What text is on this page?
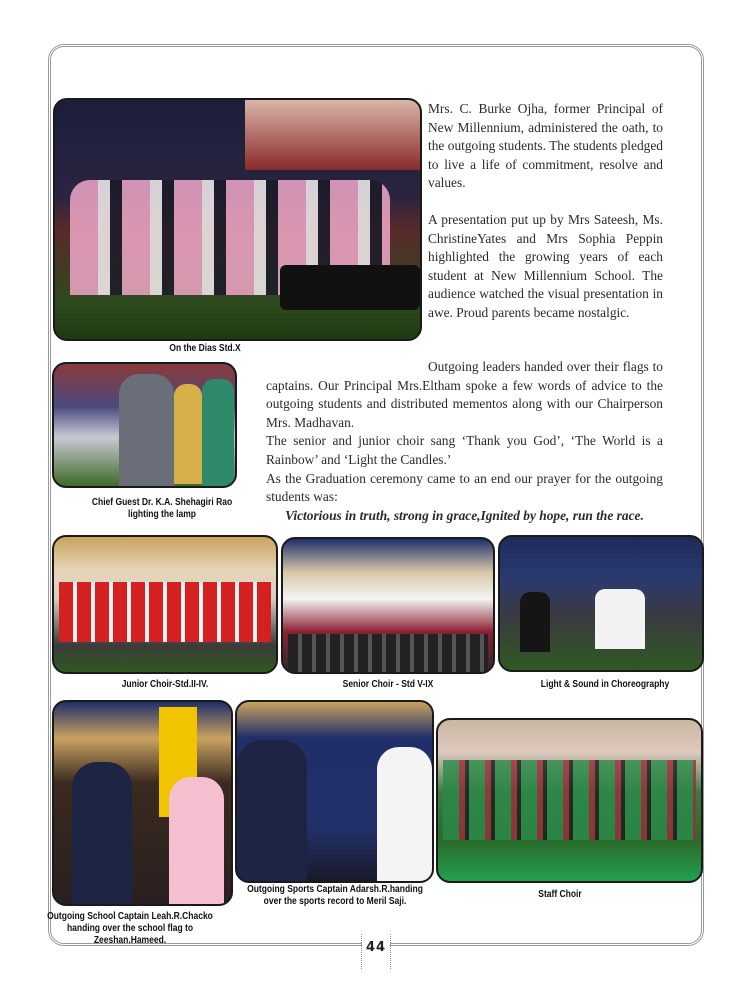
On the Dias Std.X
Chief Guest Dr. K.A. Shehagiri Rao
lighting the lamp

Mrs. C. Burke Ojha, former Principal of New Millennium, administered the oath, to the outgoing students. The students pledged to live a life of commitment, resolve and values.

A presentation put up by Mrs Sateesh, Ms. ChristineYates and Mrs Sophia Peppin highlighted the growing years of each student at New Millennium School. The audience watched the visual presentation in awe. Proud parents became nostalgic.

Outgoing leaders handed over their flags to captains. Our Principal Mrs.Eltham spoke a few words of advice to the outgoing students and distributed mementos along with our Chairperson Mrs. Madhavan.

The senior and junior choir sang ‘Thank you God’, ‘The World is a Rainbow’ and ‘Light the Candles.’

As the Graduation ceremony came to an end our prayer for the outgoing students was:

Victorious in truth, strong in grace,Ignited by hope, run the race.

Junior Choir-Std.II-IV.	Senior Choir - Std V-IX	Light & Sound in Choreography
Outgoing School Captain Leah.R.Chacko
handing over the school flag to
Zeeshan.Hameed.
Outgoing Sports Captain Adarsh.R.handing
over the sports record to Meril Saji.
Staff Choir
44
